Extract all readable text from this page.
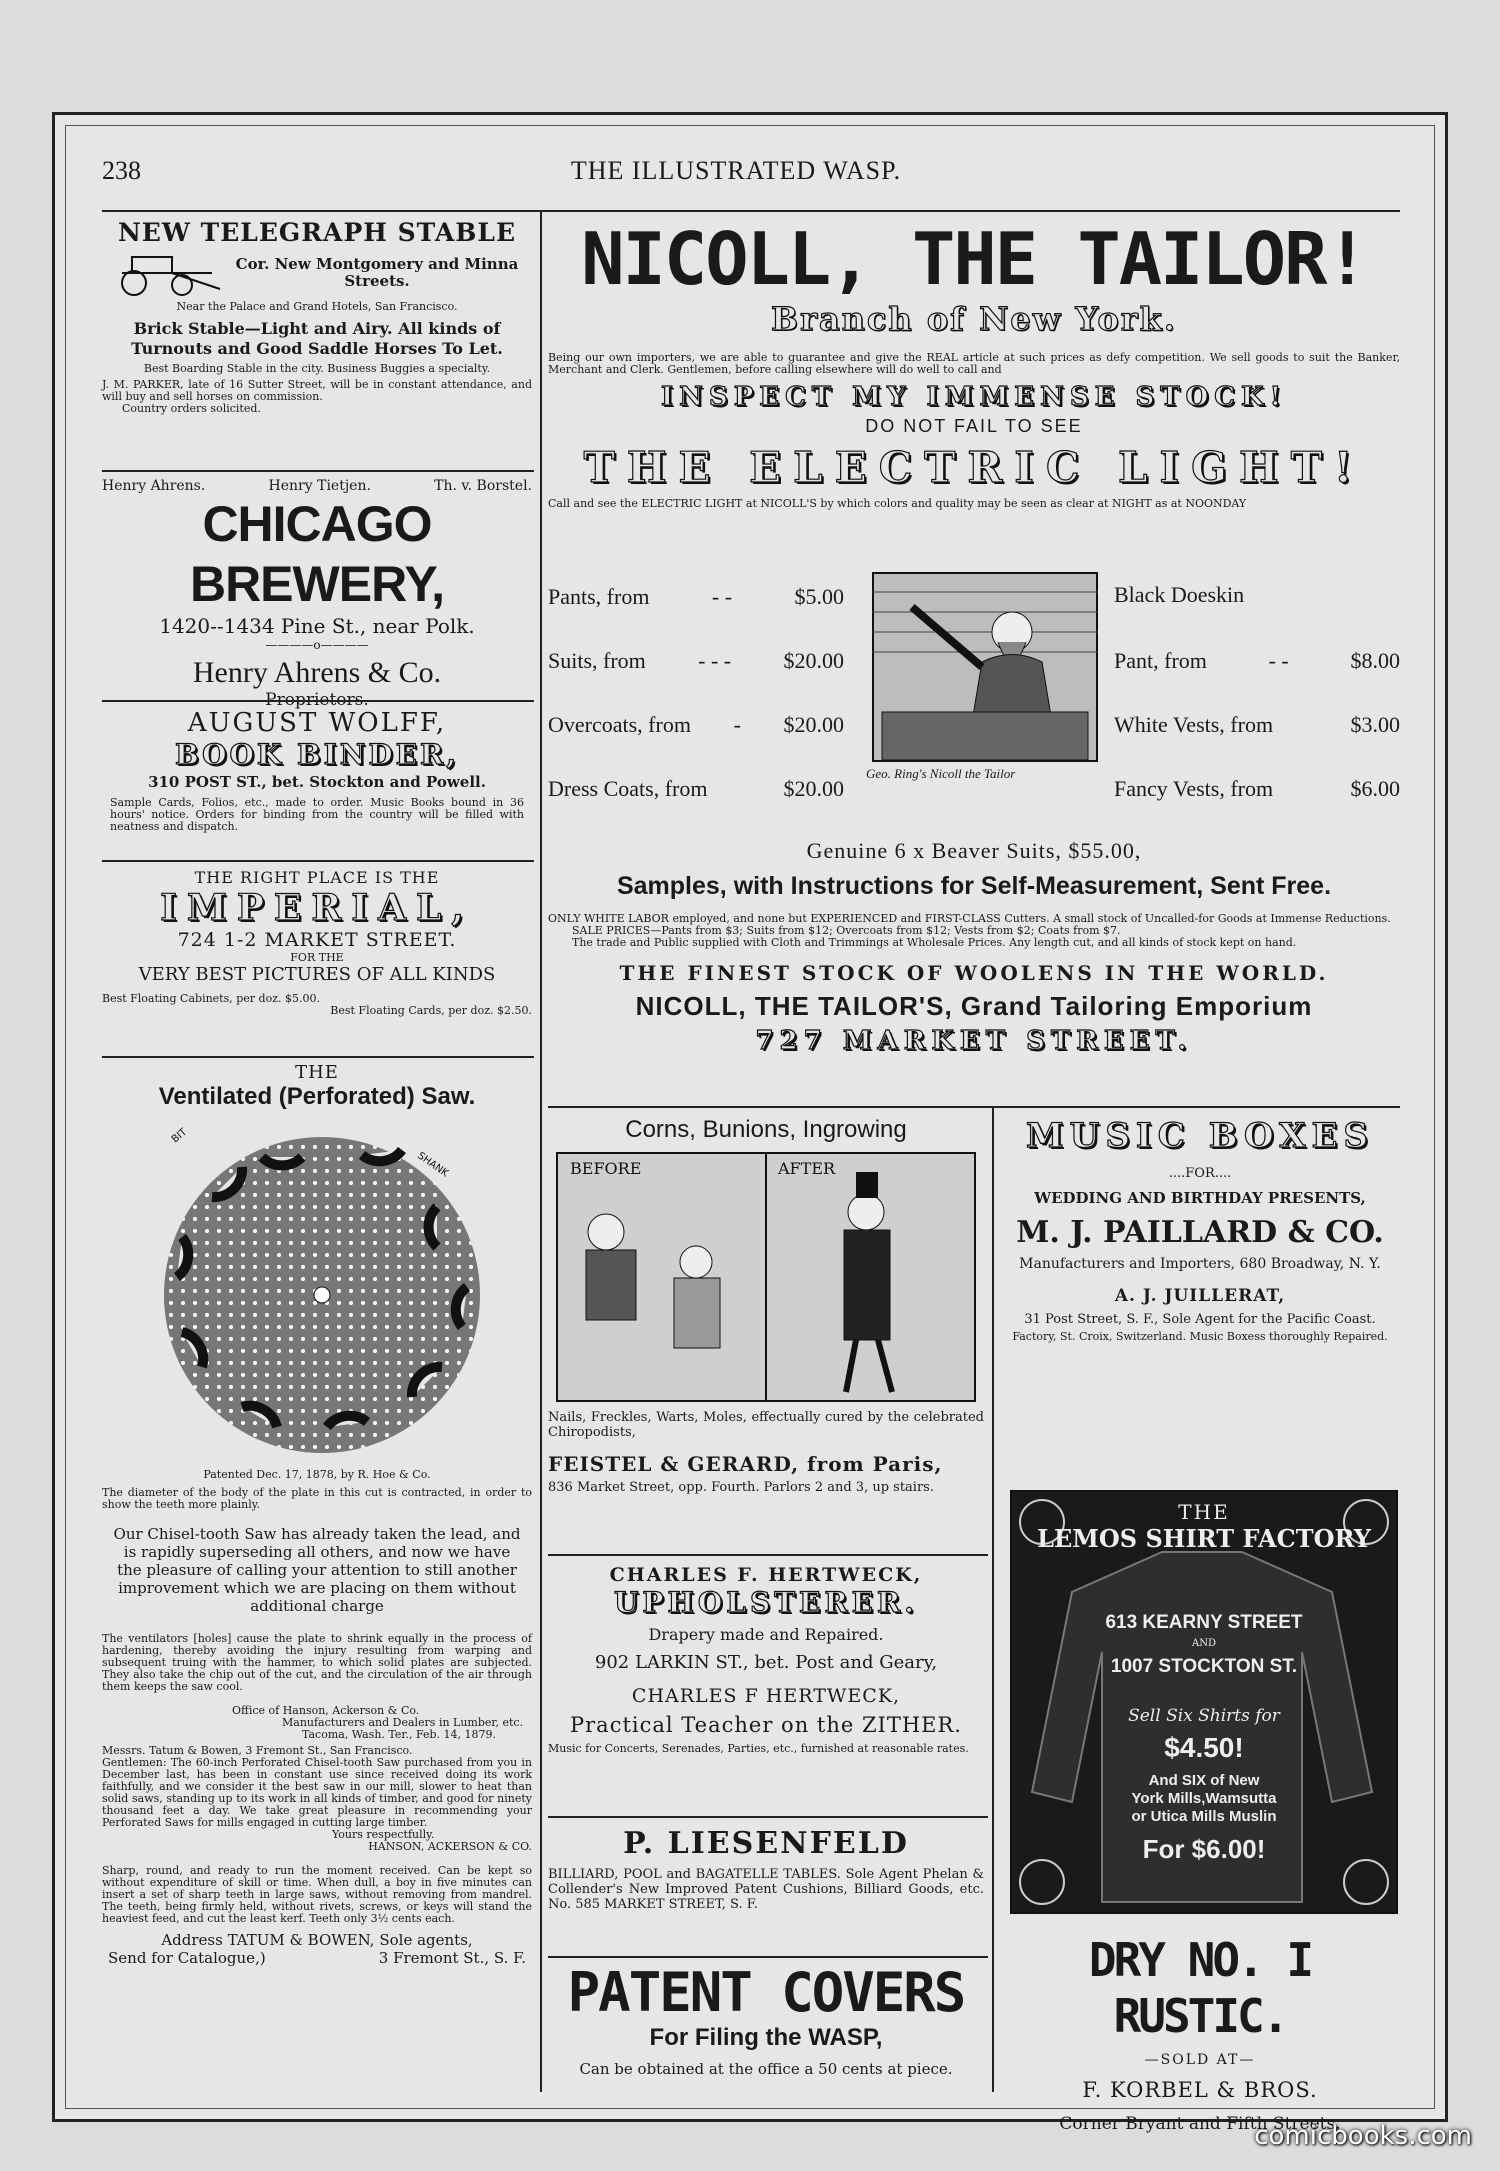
238	THE ILLUSTRATED WASP.
NEW TELEGRAPH STABLE
Cor. New Montgomery and Minna Streets.
Near the Palace and Grand Hotels, San Francisco.
Brick Stable—Light and Airy. All kinds of Turnouts and Good Saddle Horses To Let.
Best Boarding Stable in the city. Business Buggies a specialty.
J. M. PARKER, late of 16 Sutter Street, will be in constant attendance, and will buy and sell horses on commission.
Country orders solicited.
Henry Ahrens.	Henry Tietjen.	Th. v. Borstel.
CHICAGO BREWERY,
1420--1434 Pine St., near Polk.
————o————
Henry Ahrens & Co.
Proprietors.
AUGUST WOLFF,
BOOK BINDER,
310 POST ST., bet. Stockton and Powell.
Sample Cards, Folios, etc., made to order. Music Books bound in 36 hours' notice. Orders for binding from the country will be filled with neatness and dispatch.
THE RIGHT PLACE IS THE
IMPERIAL,
724 1-2 MARKET STREET.
FOR THE
VERY BEST PICTURES OF ALL KINDS
Best Floating Cabinets, per doz. $5.00.
Best Floating Cards, per doz. $2.50.
THE
Ventilated (Perforated) Saw.
BIT
SHANK
Patented Dec. 17, 1878, by R. Hoe & Co.
The diameter of the body of the plate in this cut is contracted, in order to show the teeth more plainly.
Our Chisel-tooth Saw has already taken the lead, and is rapidly superseding all others, and now we have the pleasure of calling your attention to still another improvement which we are placing on them without additional charge
The ventilators [holes] cause the plate to shrink equally in the process of hardening, thereby avoiding the injury resulting from warping and subsequent truing with the hammer, to which solid plates are subjected. They also take the chip out of the cut, and the circulation of the air through them keeps the saw cool.
Office of Hanson, Ackerson & Co.
Manufacturers and Dealers in Lumber, etc.
Tacoma, Wash. Ter., Feb. 14, 1879.
Messrs. Tatum & Bowen, 3 Fremont St., San Francisco.
Gentlemen: The 60-inch Perforated Chisel-tooth Saw purchased from you in December last, has been in constant use since received doing its work faithfully, and we consider it the best saw in our mill, slower to heat than solid saws, standing up to its work in all kinds of timber, and good for ninety thousand feet a day. We take great pleasure in recommending your Perforated Saws for mills engaged in cutting large timber.
Yours respectfully.
HANSON, ACKERSON & CO.
Sharp, round, and ready to run the moment received. Can be kept so without expenditure of skill or time. When dull, a boy in five minutes can insert a set of sharp teeth in large saws, without removing from mandrel. The teeth, being firmly held, without rivets, screws, or keys will stand the heaviest feed, and cut the least kerf. Teeth only 3½ cents each.
Address TATUM & BOWEN, Sole agents,
Send for Catalogue,)	3 Fremont St., S. F.
NICOLL, THE TAILOR!
Branch of New York.
Being our own importers, we are able to guarantee and give the REAL article at such prices as defy competition. We sell goods to suit the Banker, Merchant and Clerk. Gentlemen, before calling elsewhere will do well to call and
INSPECT MY IMMENSE STOCK!
DO NOT FAIL TO SEE
THE ELECTRIC LIGHT!
Call and see the ELECTRIC LIGHT at NICOLL'S by which colors and quality may be seen as clear at NIGHT as at NOONDAY
Pants, from	- -	$5.00
Suits, from - - - $20.00
Overcoats, from - $20.00
Dress Coats, from	$20.00
Geo. Ring's Nicoll the Tailor
Black Doeskin
Pant, from	- -	$8.00
White Vests, from	$3.00
Fancy Vests, from	$6.00
Genuine 6 x Beaver Suits, $55.00,
Samples, with Instructions for Self-Measurement, Sent Free.
ONLY WHITE LABOR employed, and none but EXPERIENCED and FIRST-CLASS Cutters. A small stock of Uncalled-for Goods at Immense Reductions.
SALE PRICES—Pants from $3; Suits from $12; Overcoats from $12; Vests from $2; Coats from $7.
The trade and Public supplied with Cloth and Trimmings at Wholesale Prices. Any length cut, and all kinds of stock kept on hand.
THE FINEST STOCK OF WOOLENS IN THE WORLD.
NICOLL, THE TAILOR'S, Grand Tailoring Emporium
727 MARKET STREET.
Corns, Bunions, Ingrowing
BEFORE	AFTER
Nails, Freckles, Warts, Moles, effectually cured by the celebrated Chiropodists,
FEISTEL & GERARD, from Paris,
836 Market Street, opp. Fourth. Parlors 2 and 3, up stairs.
CHARLES F. HERTWECK,
UPHOLSTERER.
Drapery made and Repaired.
902 LARKIN ST., bet. Post and Geary,
CHARLES F HERTWECK,
Practical Teacher on the ZITHER.
Music for Concerts, Serenades, Parties, etc., furnished at reasonable rates.
P. LIESENFELD
BILLIARD, POOL and BAGATELLE TABLES. Sole Agent Phelan & Collender's New Improved Patent Cushions, Billiard Goods, etc. No. 585 MARKET STREET, S. F.
PATENT COVERS
For Filing the WASP,
Can be obtained at the office a 50 cents at piece.
MUSIC BOXES
....FOR....
WEDDING AND BIRTHDAY PRESENTS,
M. J. PAILLARD & CO.
Manufacturers and Importers, 680 Broadway, N. Y.
A. J. JUILLERAT,
31 Post Street, S. F., Sole Agent for the Pacific Coast.
Factory, St. Croix, Switzerland. Music Boxess thoroughly Repaired.
THE
LEMOS SHIRT FACTORY
613 KEARNY STREET
AND
1007 STOCKTON ST.
Sell Six Shirts for
$4.50!
And SIX of New
York Mills,Wamsutta
or Utica Mills Muslin
For $6.00!
DRY NO. I RUSTIC.
—SOLD AT—
F. KORBEL & BROS.
Corner Bryant and Fifth Streets.
comicbooks.com
